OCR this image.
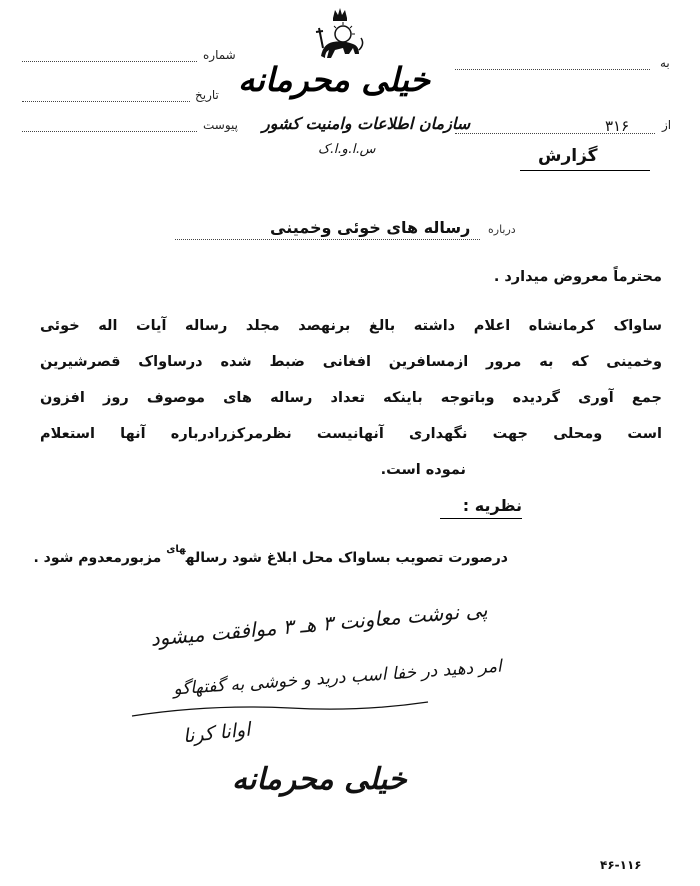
شماره
تاریخ
پیوست
به
از
۳۱۶
خیلی محرمانه
سازمان اطلاعات وامنیت کشور
س.ا.و.ا.ک	گزارش
درباره
رساله های خوئی وخمینی
محترماً معروض میدارد .
ساواک کرمانشاه اعلام داشته بالغ برنهصد مجلد رساله آیات اله خوئی
وخمینی که به مرور ازمسافرین افغانی ضبط شده درساواک قصرشیرین
جمع آوری گردیده وباتوجه باینکه تعداد رساله های موصوف روز افزون
است ومحلی جهت نگهداری آنهانیست نظرمرکزرادرباره آنها استعلام
نموده است.
نظریه :
درصورت تصویب بساواک محل ابلاغ شود رساله$^{های}$ مزبورمعدوم شود .
پی نوشت معاونت ۳ هـ ۳ موافقت میشود
امر دهید در خفا اسب درید و خوشی به گفتهاگو
اوانا کرنا
خیلی محرمانه
۴۶-۱۱۶
